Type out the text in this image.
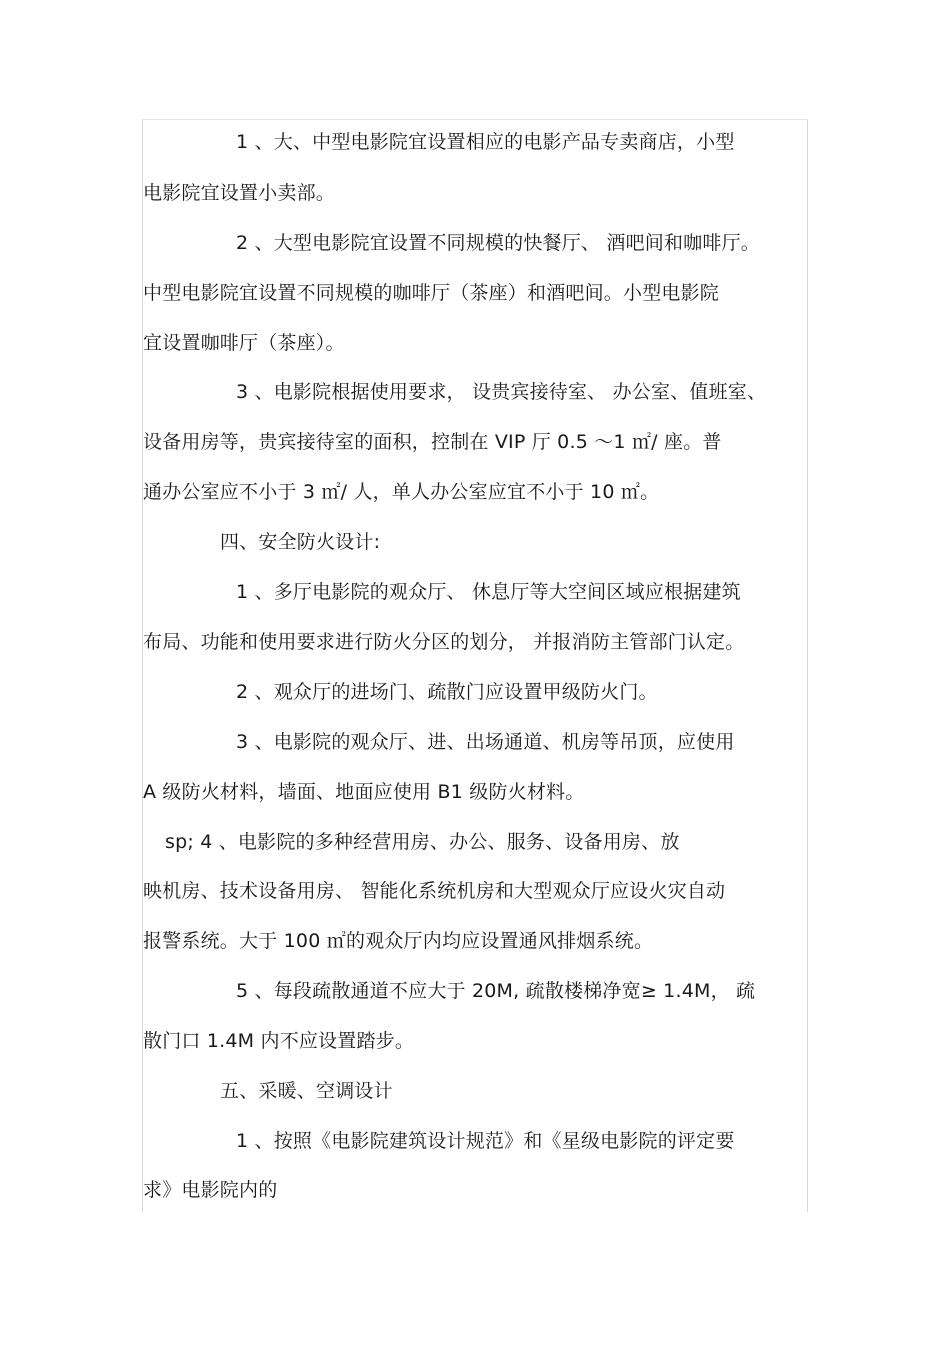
1 、大、中型电影院宜设置相应的电影产品专卖商店，小型
电影院宜设置小卖部。
2 、大型电影院宜设置不同规模的快餐厅、 酒吧间和咖啡厅。
中型电影院宜设置不同规模的咖啡厅（茶座）和酒吧间。小型电影院
宜设置咖啡厅（茶座）。
3 、电影院根据使用要求， 设贵宾接待室、 办公室、值班室、
设备用房等，贵宾接待室的面积，控制在 VIP 厅 0.5 ～1 ㎡/ 座。普
通办公室应不小于 3 ㎡/ 人，单人办公室应宜不小于 10 ㎡。
四、安全防火设计:
1 、多厅电影院的观众厅、 休息厅等大空间区域应根据建筑
布局、功能和使用要求进行防火分区的划分， 并报消防主管部门认定。
2 、观众厅的进场门、疏散门应设置甲级防火门。
3 、电影院的观众厅、进、出场通道、机房等吊顶，应使用
A 级防火材料，墙面、地面应使用 B1 级防火材料。
sp; 4 、电影院的多种经营用房、办公、服务、设备用房、放
映机房、技术设备用房、 智能化系统机房和大型观众厅应设火灾自动
报警系统。大于 100 ㎡的观众厅内均应设置通风排烟系统。
5 、每段疏散通道不应大于 20M, 疏散楼梯净宽≥ 1.4M， 疏
散门口 1.4M 内不应设置踏步。
五、采暖、空调设计
1 、按照《电影院建筑设计规范》和《星级电影院的评定要
求》电影院内的
